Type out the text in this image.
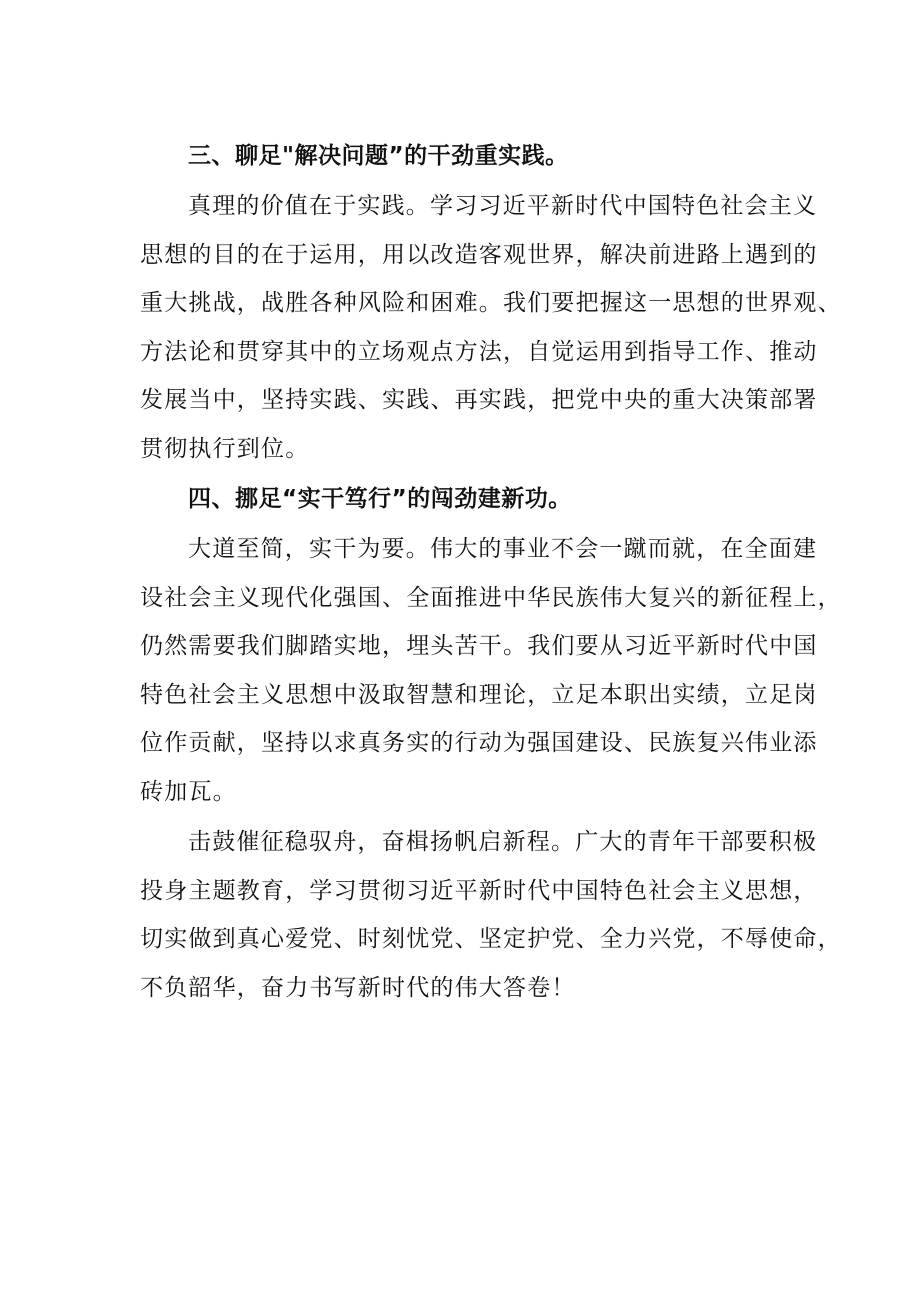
三、聊足"解决问题”的干劲重实践。

真理的价值在于实践。学习习近平新时代中国特色社会主义
思想的目的在于运用，用以改造客观世界，解决前进路上遇到的
重大挑战，战胜各种风险和困难。我们要把握这一思想的世界观、
方法论和贯穿其中的立场观点方法，自觉运用到指导工作、推动
发展当中，坚持实践、实践、再实践，把党中央的重大决策部署
贯彻执行到位。

四、挪足“实干笃行”的闯劲建新功。

大道至简，实干为要。伟大的事业不会一蹴而就，在全面建
设社会主义现代化强国、全面推进中华民族伟大复兴的新征程上，
仍然需要我们脚踏实地，埋头苦干。我们要从习近平新时代中国
特色社会主义思想中汲取智慧和理论，立足本职出实绩，立足岗
位作贡献，坚持以求真务实的行动为强国建设、民族复兴伟业添
砖加瓦。

击鼓催征稳驭舟，奋楫扬帆启新程。广大的青年干部要积极
投身主题教育，学习贯彻习近平新时代中国特色社会主义思想，
切实做到真心爱党、时刻忧党、坚定护党、全力兴党，不辱使命，
不负韶华，奋力书写新时代的伟大答卷！
